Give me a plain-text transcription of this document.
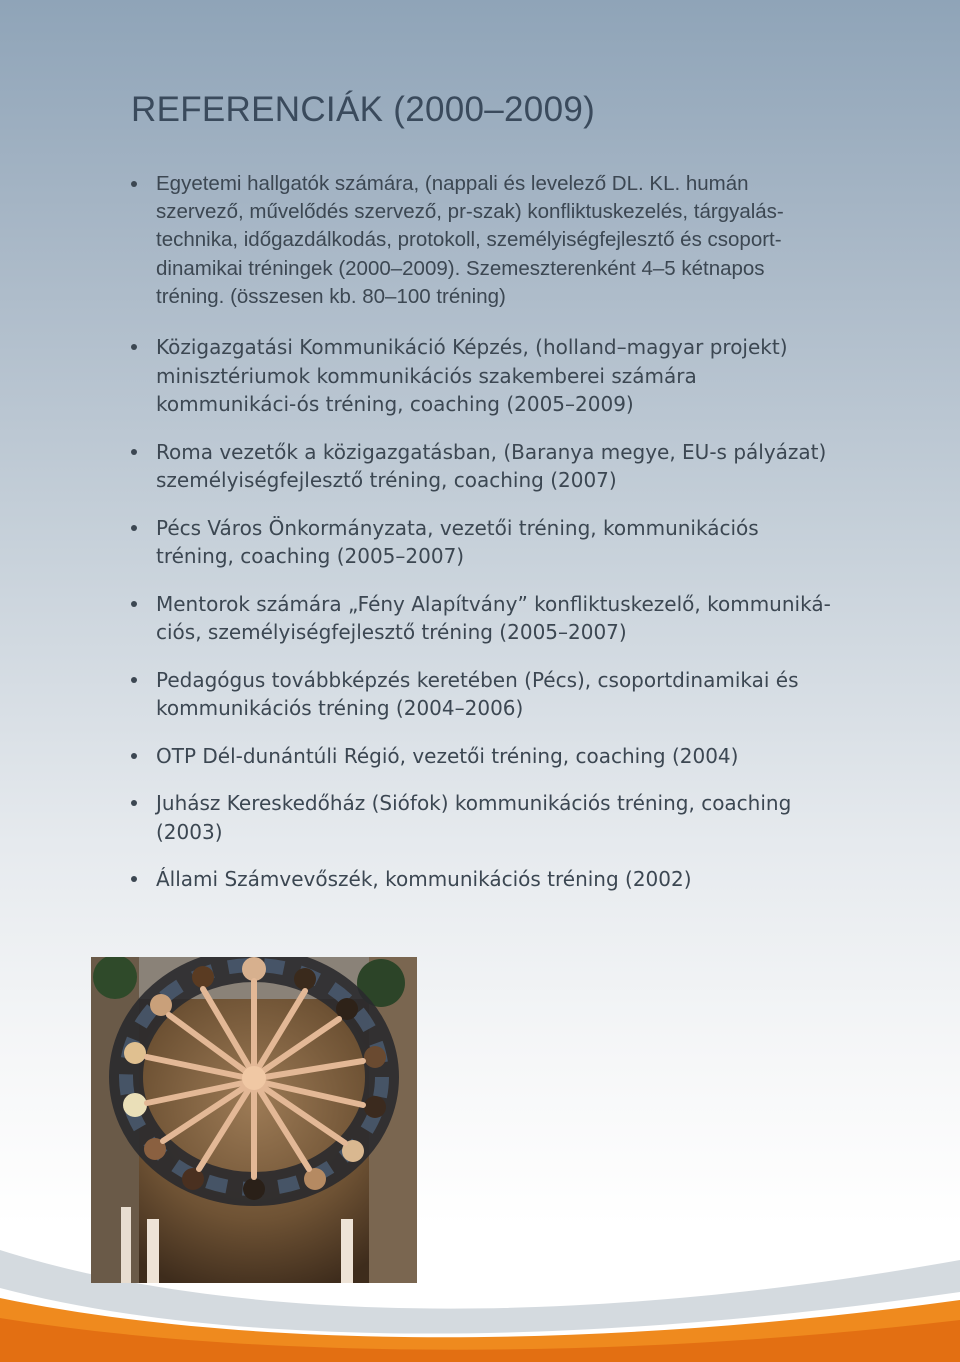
REFERENCIÁK (2000–2009)
Egyetemi hallgatók számára, (nappali és levelező DL. KL. humán szervező, művelődés szervező, pr-szak) konfliktuskezelés, tárgyalás-technika, időgazdálkodás, protokoll, személyiségfejlesztő és csoport-dinamikai tréningek (2000–2009). Szemeszterenként 4–5 kétnapos tréning. (összesen kb. 80–100 tréning)
Közigazgatási Kommunikáció Képzés, (holland–magyar projekt) minisztériumok kommunikációs szakemberei számára kommunikáci-ós tréning, coaching (2005–2009)
Roma vezetők a közigazgatásban, (Baranya megye, EU-s pályázat) személyiségfejlesztő tréning, coaching (2007)
Pécs Város Önkormányzata, vezetői tréning, kommunikációs tréning, coaching (2005–2007)
Mentorok számára „Fény Alapítvány” konfliktuskezelő, kommuniká-ciós, személyiségfejlesztő tréning (2005–2007)
Pedagógus továbbképzés keretében (Pécs), csoportdinamikai és kommunikációs tréning (2004–2006)
OTP Dél-dunántúli Régió, vezetői tréning, coaching (2004)
Juhász Kereskedőház (Siófok) kommunikációs tréning, coaching (2003)
Állami Számvevőszék, kommunikációs tréning (2002)
